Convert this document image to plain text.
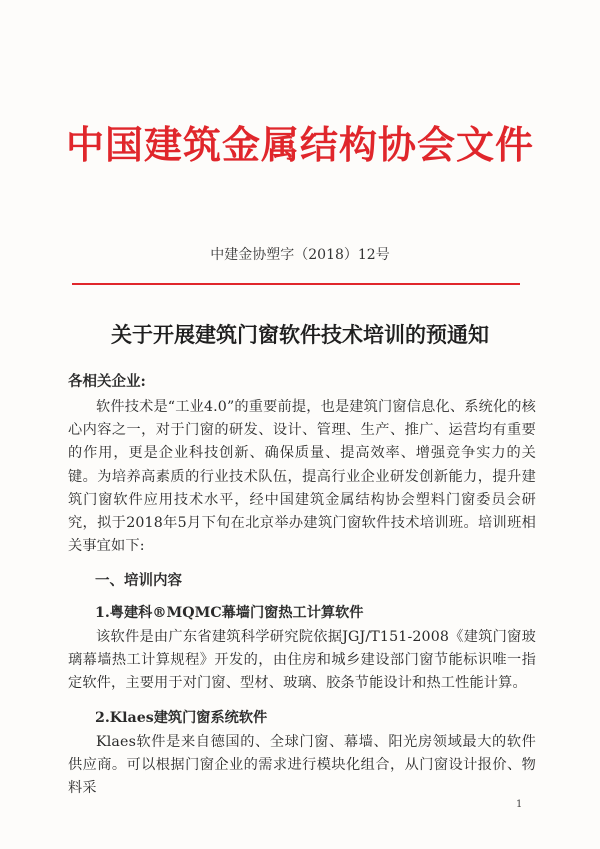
中国建筑金属结构协会文件
中建金协塑字（2018）12号
关于开展建筑门窗软件技术培训的预通知
各相关企业:

软件技术是“工业4.0”的重要前提，也是建筑门窗信息化、系统化的核心内容之一，对于门窗的研发、设计、管理、生产、推广、运营均有重要的作用，更是企业科技创新、确保质量、提高效率、增强竞争实力的关键。为培养高素质的行业技术队伍，提高行业企业研发创新能力，提升建筑门窗软件应用技术水平，经中国建筑金属结构协会塑料门窗委员会研究，拟于2018年5月下旬在北京举办建筑门窗软件技术培训班。培训班相关事宜如下:

一、培训内容
1.粤建科®MQMC幕墙门窗热工计算软件

该软件是由广东省建筑科学研究院依据JGJ/T151-2008《建筑门窗玻璃幕墙热工计算规程》开发的，由住房和城乡建设部门窗节能标识唯一指定软件，主要用于对门窗、型材、玻璃、胶条节能设计和热工性能计算。

2.Klaes建筑门窗系统软件

Klaes软件是来自德国的、全球门窗、幕墙、阳光房领域最大的软件供应商。可以根据门窗企业的需求进行模块化组合，从门窗设计报价、物料采

1
